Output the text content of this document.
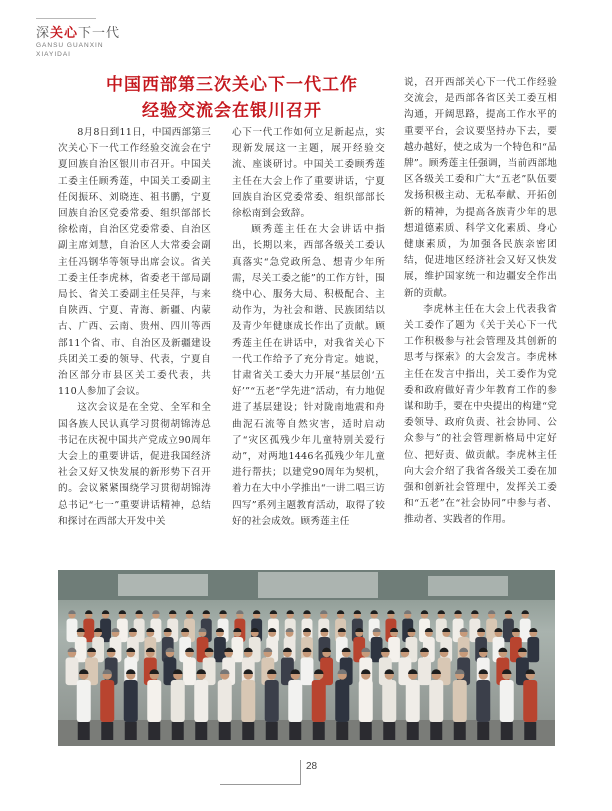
深关心下一代
GANSU GUANXIN
XIAYIDAI
中国西部第三次关心下一代工作
经验交流会在银川召开

8月8日到11日，中国西部第三次关心下一代工作经验交流会在宁夏回族自治区银川市召开。中国关工委主任顾秀莲，中国关工委副主任闵振环、刘晓连、祖书鹏，宁夏回族自治区党委常委、组织部部长徐松南，自治区党委常委、自治区副主席刘慧，自治区人大常委会副主任冯钢华等领导出席会议。省关工委主任李虎林，省委老干部局副局长、省关工委副主任吴萍，与来自陕西、宁夏、青海、新疆、内蒙古、广西、云南、贵州、四川等西部11个省、市、自治区及新疆建设兵团关工委的领导、代表，宁夏自治区部分市县区关工委代表，共110人参加了会议。

这次会议是在全党、全军和全国各族人民认真学习贯彻胡锦涛总书记在庆祝中国共产党成立90周年大会上的重要讲话，促进我国经济社会又好又快发展的新形势下召开的。会议紧紧围绕学习贯彻胡锦涛总书记“七一”重要讲话精神，总结和探讨在西部大开发中关

心下一代工作如何立足新起点，实现新发展这一主题，展开经验交流、座谈研讨。中国关工委顾秀莲主任在大会上作了重要讲话，宁夏回族自治区党委常委、组织部部长徐松南到会致辞。

顾秀莲主任在大会讲话中指出，长期以来，西部各级关工委认真落实“急党政所急、想青少年所需，尽关工委之能”的工作方针，围绕中心、服务大局、积极配合、主动作为，为社会和谐、民族团结以及青少年健康成长作出了贡献。顾秀莲主任在讲话中，对我省关心下一代工作给予了充分肯定。她说，甘肃省关工委大力开展“基层创‘五好’”“五老”学先进”活动，有力地促进了基层建设；针对陇南地震和舟曲泥石流等自然灾害，适时启动了“灾区孤残少年儿童特别关爱行动”，对两地1446名孤残少年儿童进行帮扶；以建党90周年为契机，着力在大中小学推出“一讲二唱三访四写”系列主题教育活动，取得了较好的社会成效。顾秀莲主任

说，召开西部关心下一代工作经验交流会，是西部各省区关工委互相沟通，开阔思路，提高工作水平的重要平台，会议要坚持办下去，要越办越好，使之成为一个特色和“品牌”。顾秀莲主任强调，当前西部地区各级关工委和广大“五老”队伍要发扬积极主动、无私奉献、开拓创新的精神，为提高各族青少年的思想道德素质、科学文化素质、身心健康素质，为加强各民族亲密团结，促进地区经济社会又好又快发展，维护国家统一和边疆安全作出新的贡献。

李虎林主任在大会上代表我省关工委作了题为《关于关心下一代工作积极参与社会管理及其创新的思考与探索》的大会发言。李虎林主任在发言中指出，关工委作为党委和政府做好青少年教育工作的参谋和助手，要在中央提出的构建“党委领导、政府负责、社会协同、公众参与”的社会管理新格局中定好位、把好责、做贡献。李虎林主任向大会介绍了我省各级关工委在加强和创新社会管理中，发挥关工委和“五老”在“社会协同”中参与者、推动者、实践者的作用。

28
